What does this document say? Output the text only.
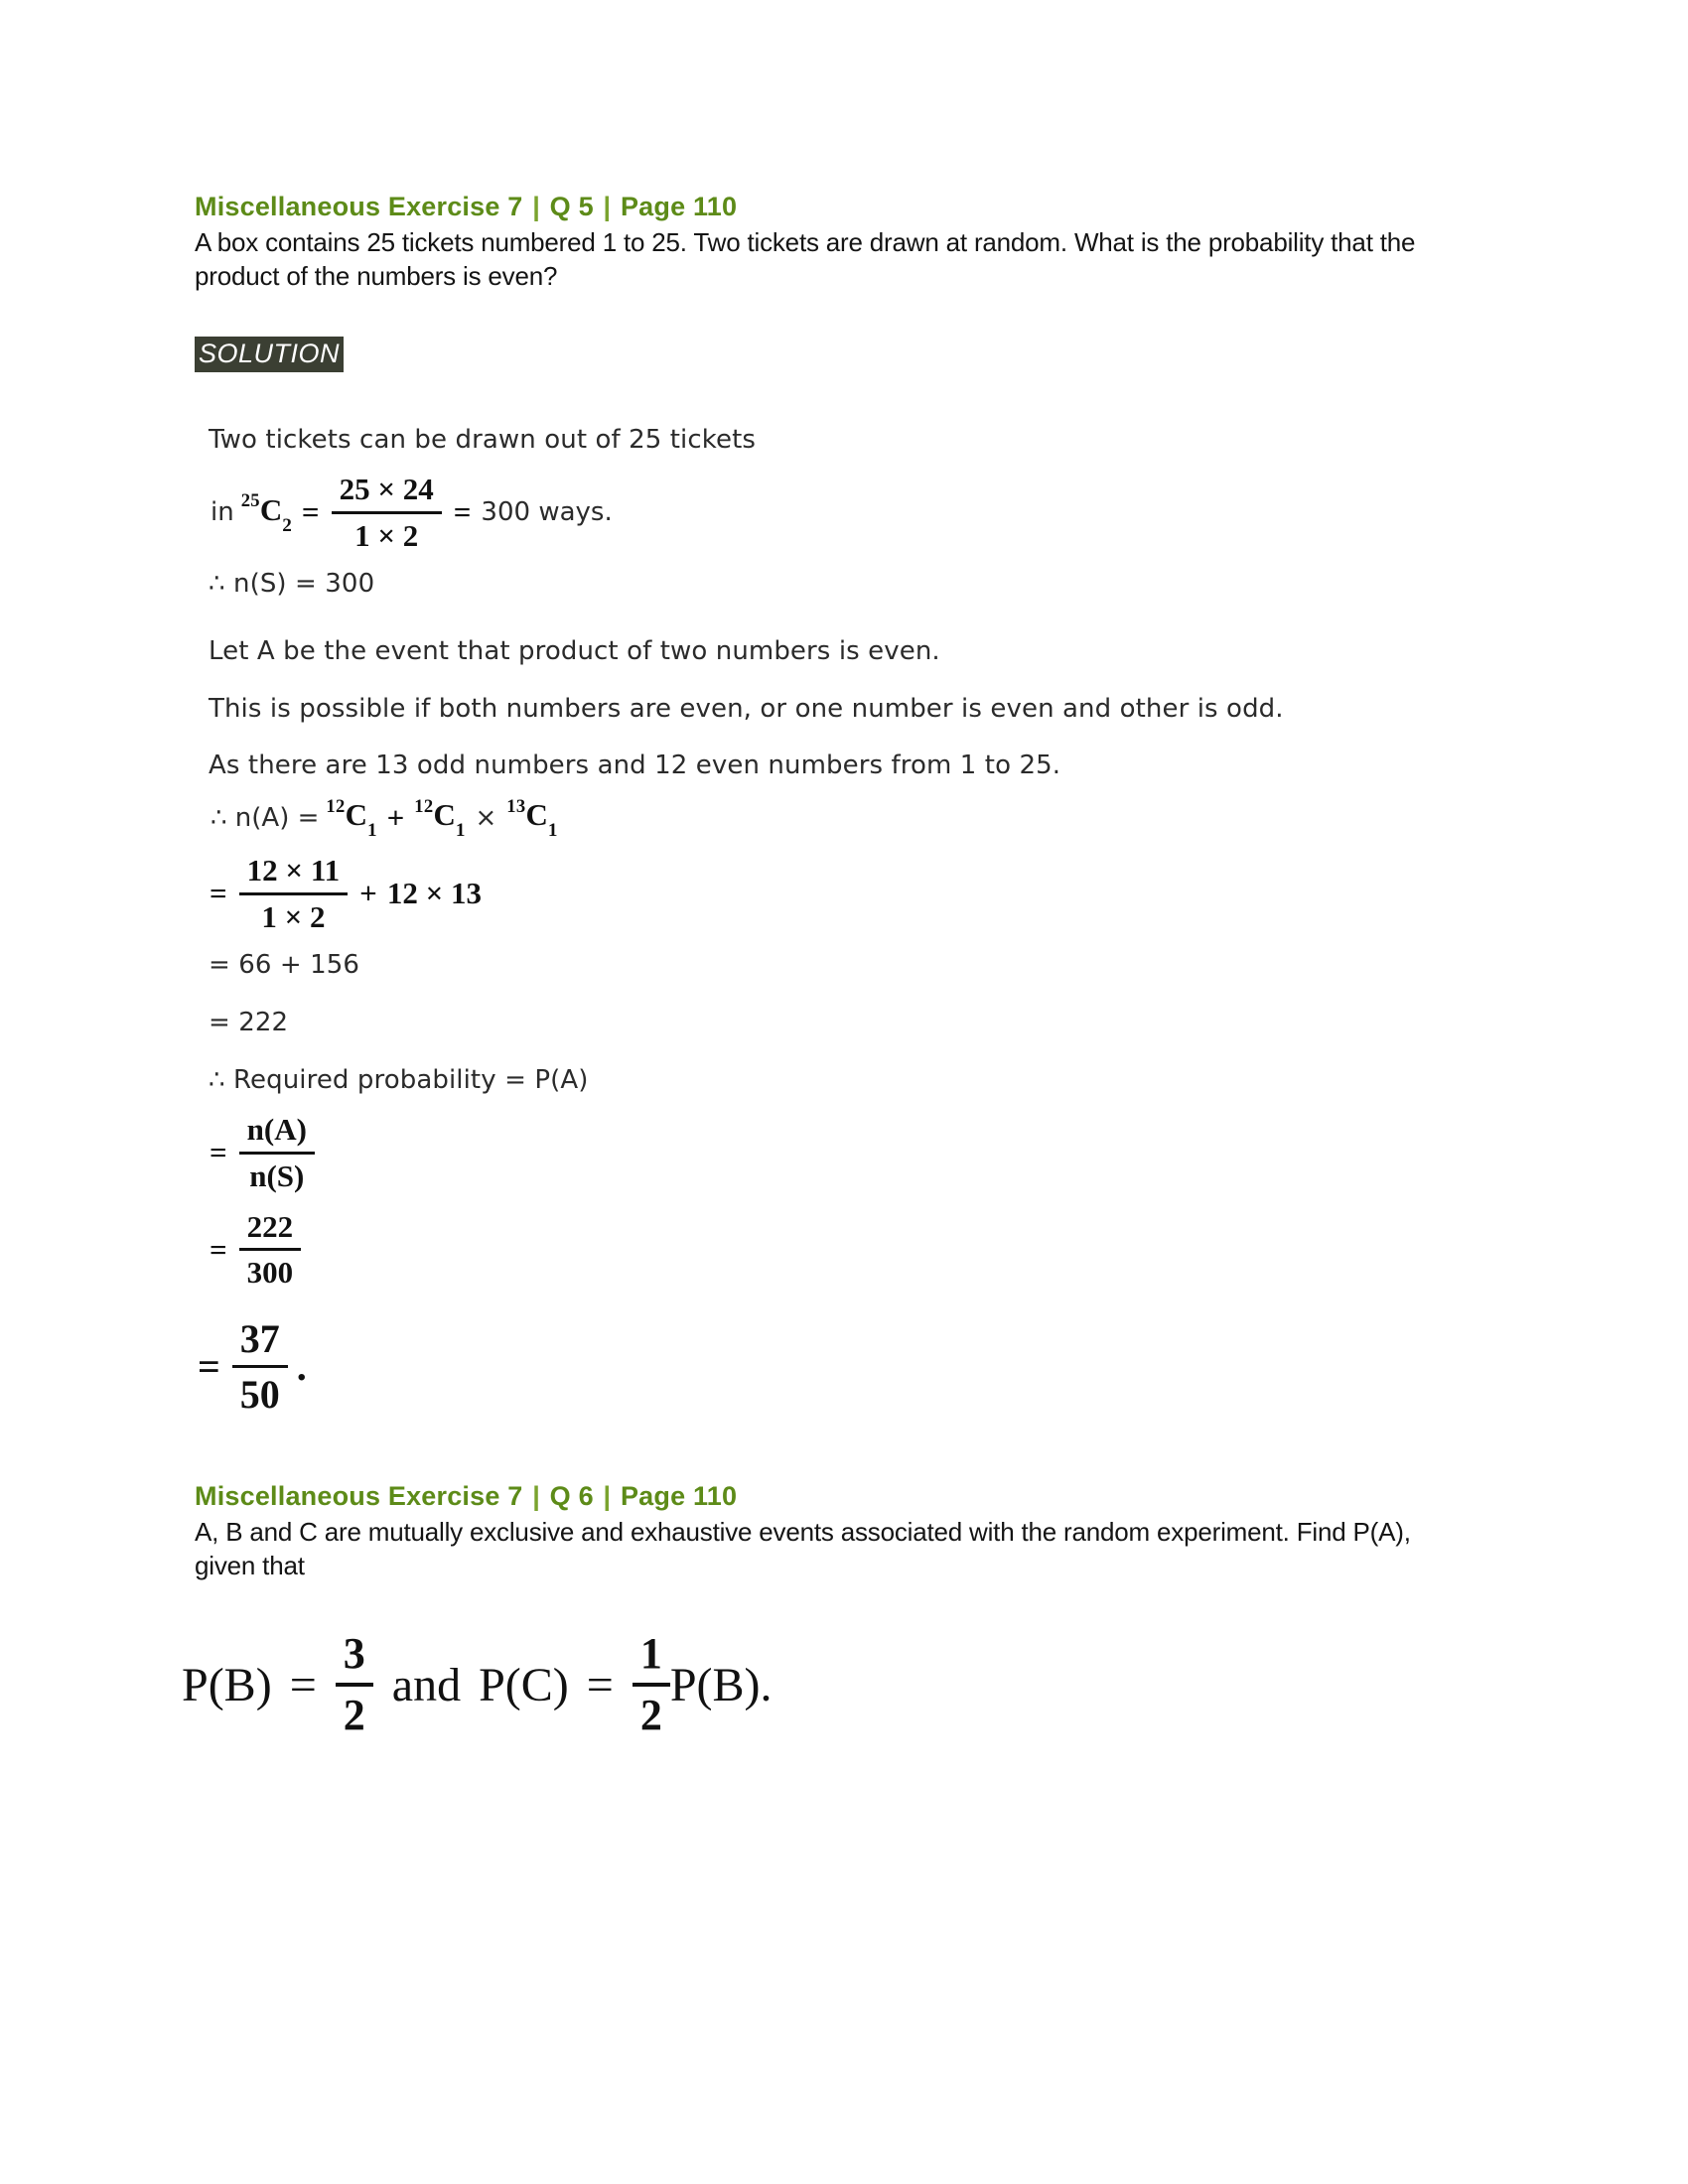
Miscellaneous Exercise 7 | Q 5 | Page 110

A box contains 25 tickets numbered 1 to 25. Two tickets are drawn at random. What is the probability that the product of the numbers is even?

SOLUTION

Two tickets can be drawn out of 25 tickets

in $^{25}C_2 = \frac{25 \times 24}{1 \times 2} = 300$ ways.

∴ n(S) = 300

Let A be the event that product of two numbers is even.

This is possible if both numbers are even, or one number is even and other is odd.

As there are 13 odd numbers and 12 even numbers from 1 to 25.

∴ $n(A) = ^{12}C_1 + ^{12}C_1 \times ^{13}C_1$
= $\frac{12 \times 11}{1 \times 2} + 12 \times 13$

= 66 + 156

= 222

∴ Required probability = P(A)

= $\frac{n(A)}{n(S)}$
= $\frac{222}{300}$
= $\frac{37}{50}$ .
Miscellaneous Exercise 7 | Q 6 | Page 110

A, B and C are mutually exclusive and exhaustive events associated with the random experiment. Find P(A), given that

$P(B) = \frac{3}{2}$ and $P(C) = \frac{1}{2} P(B)$ .
